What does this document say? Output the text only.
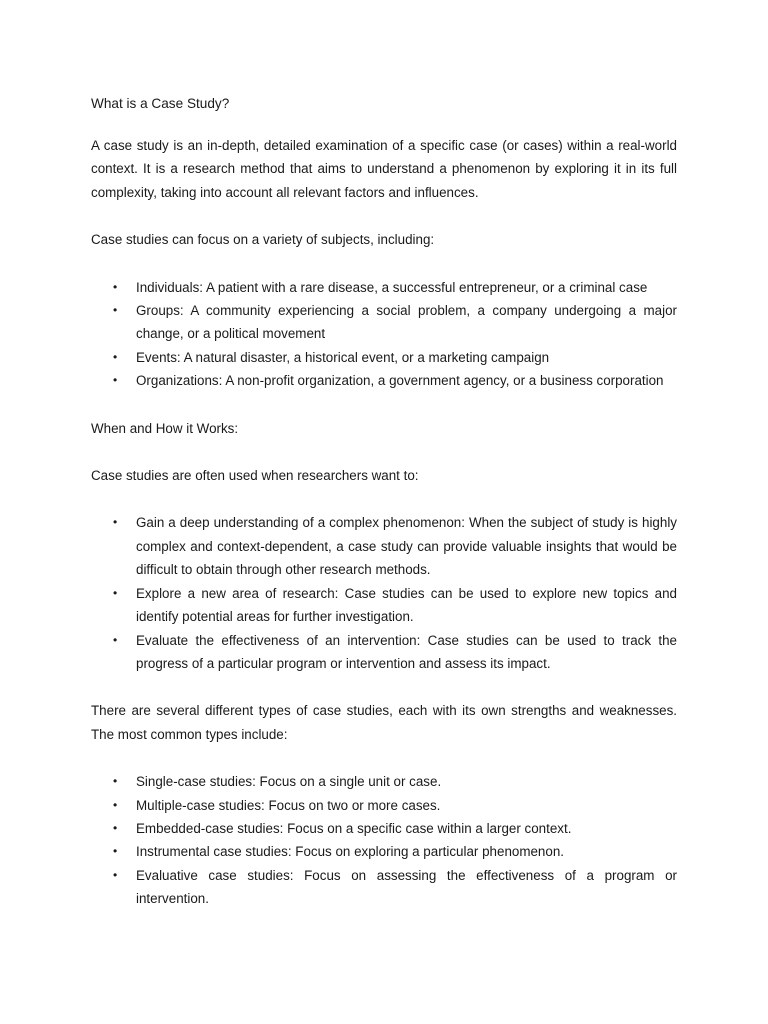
What is a Case Study?

A case study is an in-depth, detailed examination of a specific case (or cases) within a real-world context. It is a research method that aims to understand a phenomenon by exploring it in its full complexity, taking into account all relevant factors and influences.

Case studies can focus on a variety of subjects, including:

• Individuals: A patient with a rare disease, a successful entrepreneur, or a criminal case
• Groups: A community experiencing a social problem, a company undergoing a major change, or a political movement
• Events: A natural disaster, a historical event, or a marketing campaign
• Organizations: A non-profit organization, a government agency, or a business corporation

When and How it Works:

Case studies are often used when researchers want to:

• Gain a deep understanding of a complex phenomenon: When the subject of study is highly complex and context-dependent, a case study can provide valuable insights that would be difficult to obtain through other research methods.
• Explore a new area of research: Case studies can be used to explore new topics and identify potential areas for further investigation.
• Evaluate the effectiveness of an intervention: Case studies can be used to track the progress of a particular program or intervention and assess its impact.

There are several different types of case studies, each with its own strengths and weaknesses. The most common types include:

• Single-case studies: Focus on a single unit or case.
• Multiple-case studies: Focus on two or more cases.
• Embedded-case studies: Focus on a specific case within a larger context.
• Instrumental case studies: Focus on exploring a particular phenomenon.
• Evaluative case studies: Focus on assessing the effectiveness of a program or intervention.
